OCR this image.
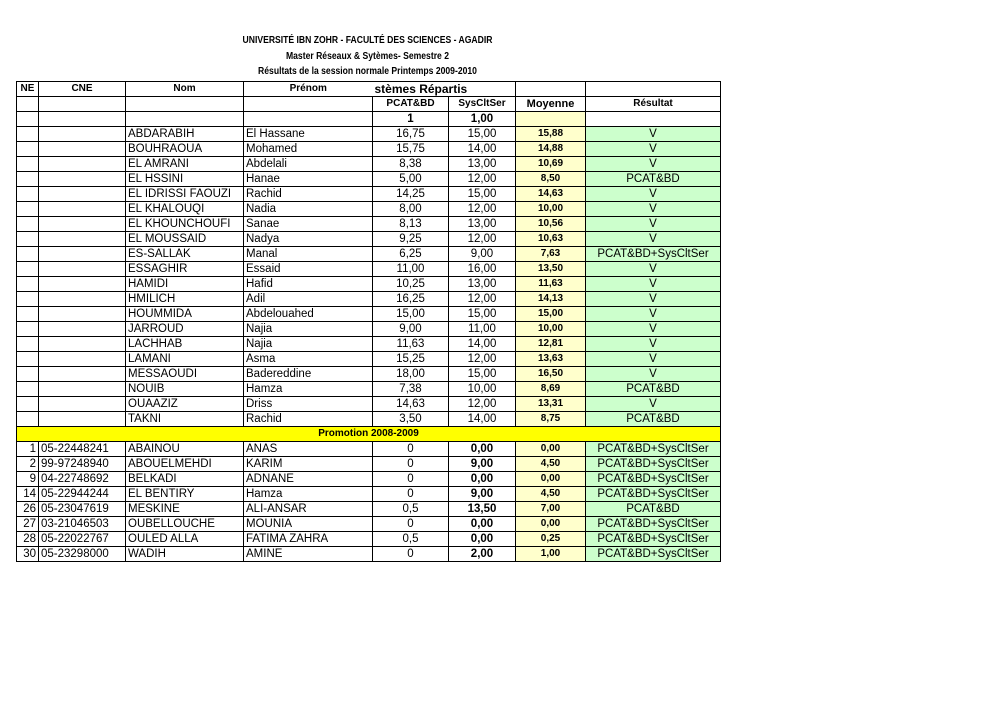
UNIVERSITÉ IBN ZOHR - FACULTÉ DES SCIENCES - AGADIR
Master Réseaux & Sytèmes- Semestre 2
Résultats de la session normale Printemps 2009-2010
NE	CNE	Nom	Prénom	stèmes Répartis			
				PCAT&BD	SysCltSer	Moyenne	Résultat
				1	1,00		
		ABDARABIH	El Hassane	16,75	15,00	15,88	V
		BOUHRAOUA	Mohamed	15,75	14,00	14,88	V
		EL AMRANI	Abdelali	8,38	13,00	10,69	V
		EL HSSINI	Hanae	5,00	12,00	8,50	PCAT&BD
		EL IDRISSI FAOUZI	Rachid	14,25	15,00	14,63	V
		EL KHALOUQI	Nadia	8,00	12,00	10,00	V
		EL KHOUNCHOUFI	Sanae	8,13	13,00	10,56	V
		EL MOUSSAID	Nadya	9,25	12,00	10,63	V
		ES-SALLAK	Manal	6,25	9,00	7,63	PCAT&BD+SysCltSer
		ESSAGHIR	Essaid	11,00	16,00	13,50	V
		HAMIDI	Hafid	10,25	13,00	11,63	V
		HMILICH	Adil	16,25	12,00	14,13	V
		HOUMMIDA	Abdelouahed	15,00	15,00	15,00	V
		JARROUD	Najia	9,00	11,00	10,00	V
		LACHHAB	Najia	11,63	14,00	12,81	V
		LAMANI	Asma	15,25	12,00	13,63	V
		MESSAOUDI	Badereddine	18,00	15,00	16,50	V
		NOUIB	Hamza	7,38	10,00	8,69	PCAT&BD
		OUAAZIZ	Driss	14,63	12,00	13,31	V
		TAKNI	Rachid	3,50	14,00	8,75	PCAT&BD
Promotion 2008-2009							
1	05-22448241	ABAINOU	ANAS	0	0,00	0,00	PCAT&BD+SysCltSer
2	99-97248940	ABOUELMEHDI	KARIM	0	9,00	4,50	PCAT&BD+SysCltSer
9	04-22748692	BELKADI	ADNANE	0	0,00	0,00	PCAT&BD+SysCltSer
14	05-22944244	EL BENTIRY	Hamza	0	9,00	4,50	PCAT&BD+SysCltSer
26	05-23047619	MESKINE	ALI-ANSAR	0,5	13,50	7,00	PCAT&BD
27	03-21046503	OUBELLOUCHE	MOUNIA	0	0,00	0,00	PCAT&BD+SysCltSer
28	05-22022767	OULED ALLA	FATIMA ZAHRA	0,5	0,00	0,25	PCAT&BD+SysCltSer
30	05-23298000	WADIH	AMINE	0	2,00	1,00	PCAT&BD+SysCltSer
